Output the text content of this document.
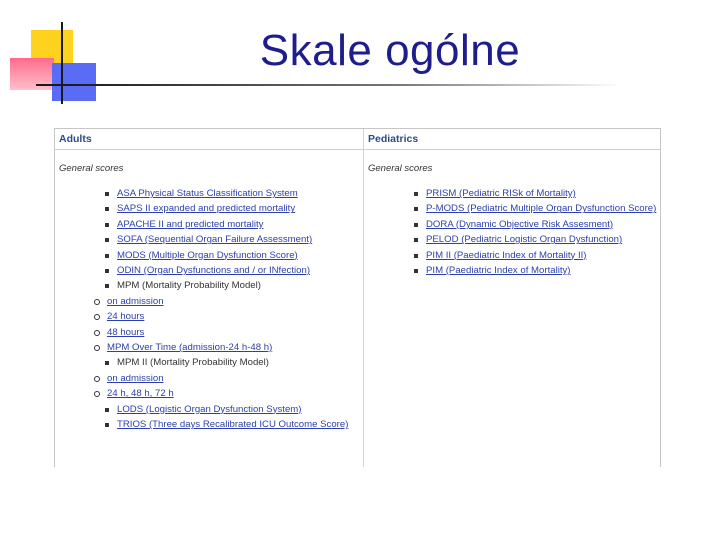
Skale ogólne
Adults
General scores
ASA Physical Status Classification System
SAPS II expanded and predicted mortality
APACHE II and predicted mortality
SOFA (Sequential Organ Failure Assessment)
MODS (Multiple Organ Dysfunction Score)
ODIN (Organ Dysfunctions and / or INfection)
MPM (Mortality Probability Model)
on admission
24 hours
48 hours
MPM Over Time (admission-24 h-48 h)
MPM II (Mortality Probability Model)
on admission
24 h, 48 h, 72 h
LODS (Logistic Organ Dysfunction System)
TRIOS (Three days Recalibrated ICU Outcome Score)
Pediatrics
General scores
PRISM (Pediatric RISk of Mortality)
P-MODS (Pediatric Multiple Organ Dysfunction Score)
DORA (Dynamic Objective Risk Assesment)
PELOD (Pediatric Logistic Organ Dysfunction)
PIM II (Paediatric Index of Mortality II)
PIM (Paediatric Index of Mortality)
